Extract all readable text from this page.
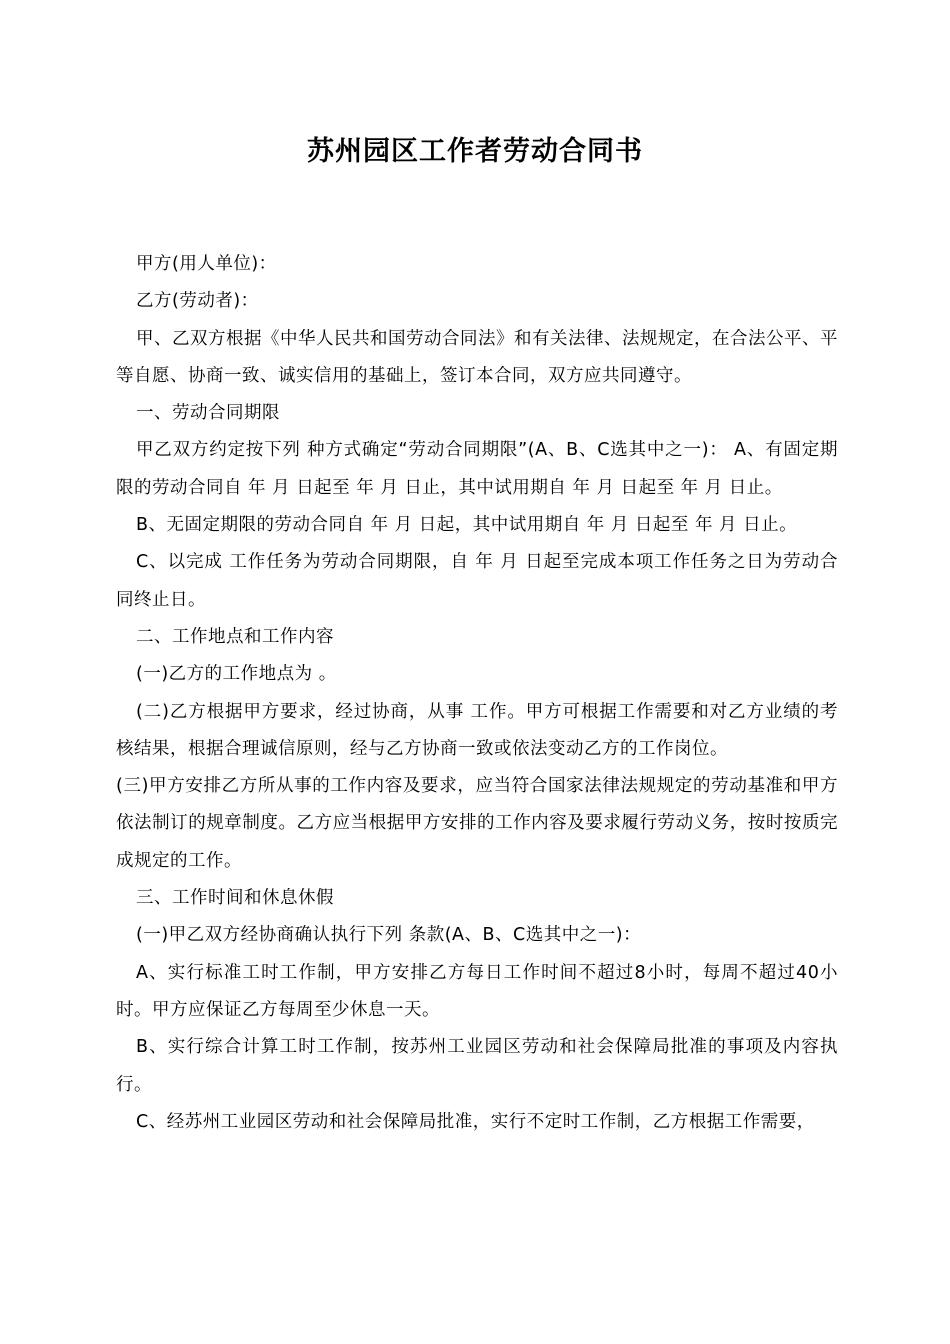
苏州园区工作者劳动合同书

甲方(用人单位)：

乙方(劳动者)：

甲、乙双方根据《中华人民共和国劳动合同法》和有关法律、法规规定，在合法公平、平等自愿、协商一致、诚实信用的基础上，签订本合同，双方应共同遵守。

一、劳动合同期限

甲乙双方约定按下列 种方式确定“劳动合同期限”(A、B、C选其中之一)： A、有固定期限的劳动合同自 年 月 日起至 年 月 日止，其中试用期自 年 月 日起至 年 月 日止。

B、无固定期限的劳动合同自 年 月 日起，其中试用期自 年 月 日起至 年 月 日止。

C、以完成 工作任务为劳动合同期限，自 年 月 日起至完成本项工作任务之日为劳动合同终止日。

二、工作地点和工作内容

(一)乙方的工作地点为 。

(二)乙方根据甲方要求，经过协商，从事 工作。甲方可根据工作需要和对乙方业绩的考核结果，根据合理诚信原则，经与乙方协商一致或依法变动乙方的工作岗位。

(三)甲方安排乙方所从事的工作内容及要求，应当符合国家法律法规规定的劳动基准和甲方依法制订的规章制度。乙方应当根据甲方安排的工作内容及要求履行劳动义务，按时按质完成规定的工作。

三、工作时间和休息休假

(一)甲乙双方经协商确认执行下列 条款(A、B、C选其中之一)：

A、实行标准工时工作制，甲方安排乙方每日工作时间不超过8小时，每周不超过40小时。甲方应保证乙方每周至少休息一天。

B、实行综合计算工时工作制，按苏州工业园区劳动和社会保障局批准的事项及内容执行。

C、经苏州工业园区劳动和社会保障局批准，实行不定时工作制，乙方根据工作需要，
